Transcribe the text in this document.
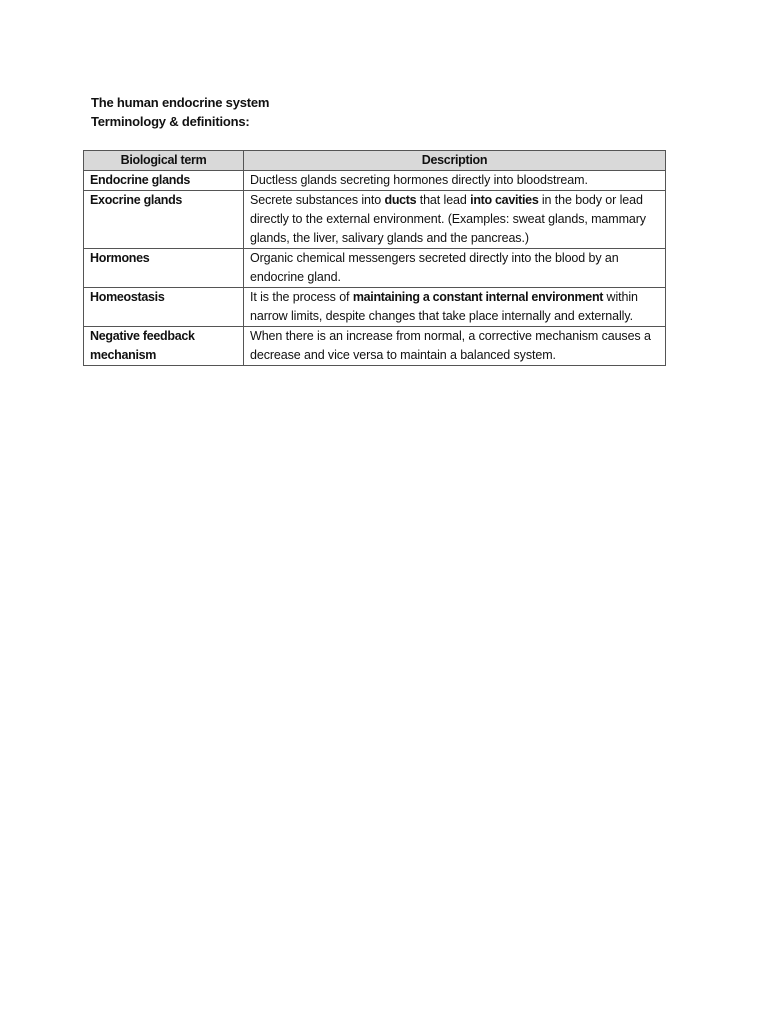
The human endocrine system
Terminology & definitions:
Biological term	Description
Endocrine glands	Ductless glands secreting hormones directly into bloodstream.
Exocrine glands	Secrete substances into ducts that lead into cavities in the body or lead directly to the external environment. (Examples: sweat glands, mammary glands, the liver, salivary glands and the pancreas.)
Hormones	Organic chemical messengers secreted directly into the blood by an endocrine gland.
Homeostasis	It is the process of maintaining a constant internal environment within narrow limits, despite changes that take place internally and externally.
Negative feedback mechanism	When there is an increase from normal, a corrective mechanism causes a decrease and vice versa to maintain a balanced system.
